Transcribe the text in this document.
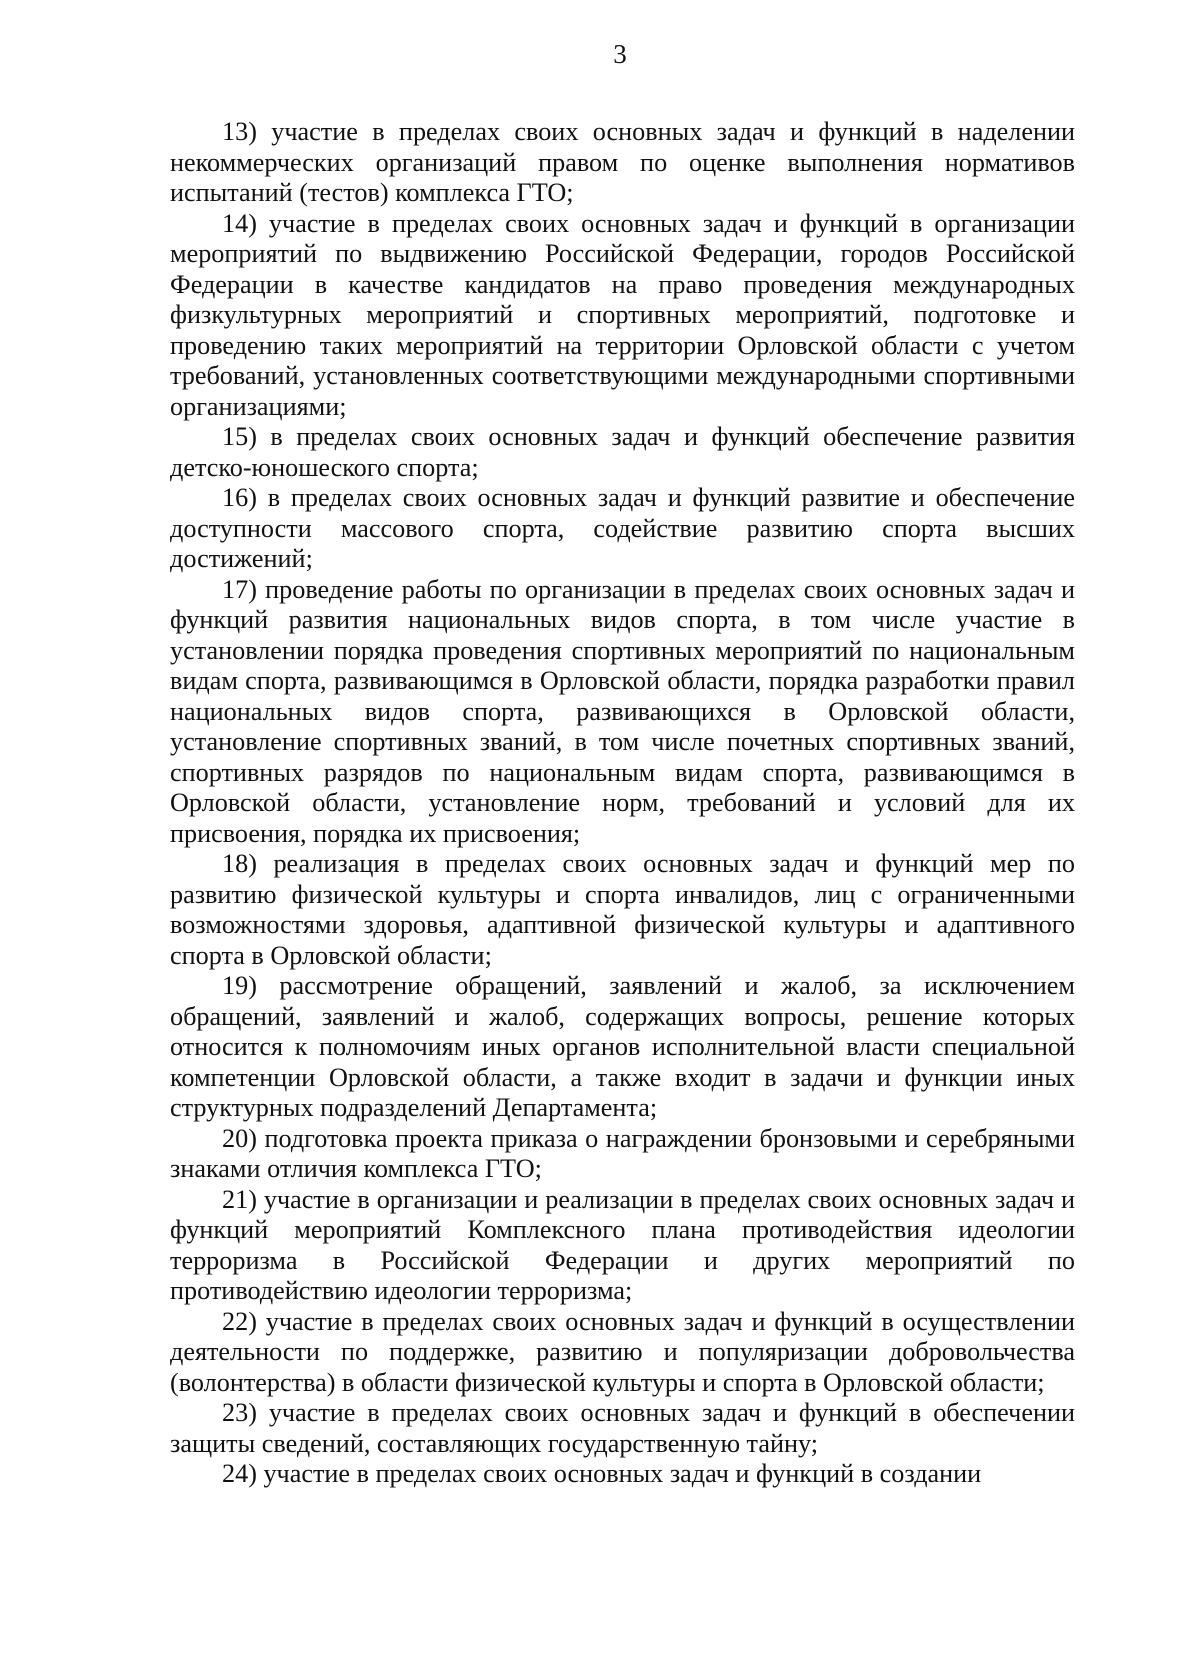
3

13) участие в пределах своих основных задач и функций в наделении некоммерческих организаций правом по оценке выполнения нормативов испытаний (тестов) комплекса ГТО;

14) участие в пределах своих основных задач и функций в организации мероприятий по выдвижению Российской Федерации, городов Российской Федерации в качестве кандидатов на право проведения международных физкультурных мероприятий и спортивных мероприятий, подготовке и проведению таких мероприятий на территории Орловской области с учетом требований, установленных соответствующими международными спортивными организациями;

15) в пределах своих основных задач и функций обеспечение развития детско-юношеского спорта;

16) в пределах своих основных задач и функций развитие и обеспечение доступности массового спорта, содействие развитию спорта высших достижений;

17) проведение работы по организации в пределах своих основных задач и функций развития национальных видов спорта, в том числе участие в установлении порядка проведения спортивных мероприятий по национальным видам спорта, развивающимся в Орловской области, порядка разработки правил национальных видов спорта, развивающихся в Орловской области, установление спортивных званий, в том числе почетных спортивных званий, спортивных разрядов по национальным видам спорта, развивающимся в Орловской области, установление норм, требований и условий для их присвоения, порядка их присвоения;

18) реализация в пределах своих основных задач и функций мер по развитию физической культуры и спорта инвалидов, лиц с ограниченными возможностями здоровья, адаптивной физической культуры и адаптивного спорта в Орловской области;

19) рассмотрение обращений, заявлений и жалоб, за исключением обращений, заявлений и жалоб, содержащих вопросы, решение которых относится к полномочиям иных органов исполнительной власти специальной компетенции Орловской области, а также входит в задачи и функции иных структурных подразделений Департамента;

20) подготовка проекта приказа о награждении бронзовыми и серебряными знаками отличия комплекса ГТО;

21) участие в организации и реализации в пределах своих основных задач и функций мероприятий Комплексного плана противодействия идеологии терроризма в Российской Федерации и других мероприятий по противодействию идеологии терроризма;

22) участие в пределах своих основных задач и функций в осуществлении деятельности по поддержке, развитию и популяризации добровольчества (волонтерства) в области физической культуры и спорта в Орловской области;

23) участие в пределах своих основных задач и функций в обеспечении защиты сведений, составляющих государственную тайну;

24) участие в пределах своих основных задач и функций в создании
